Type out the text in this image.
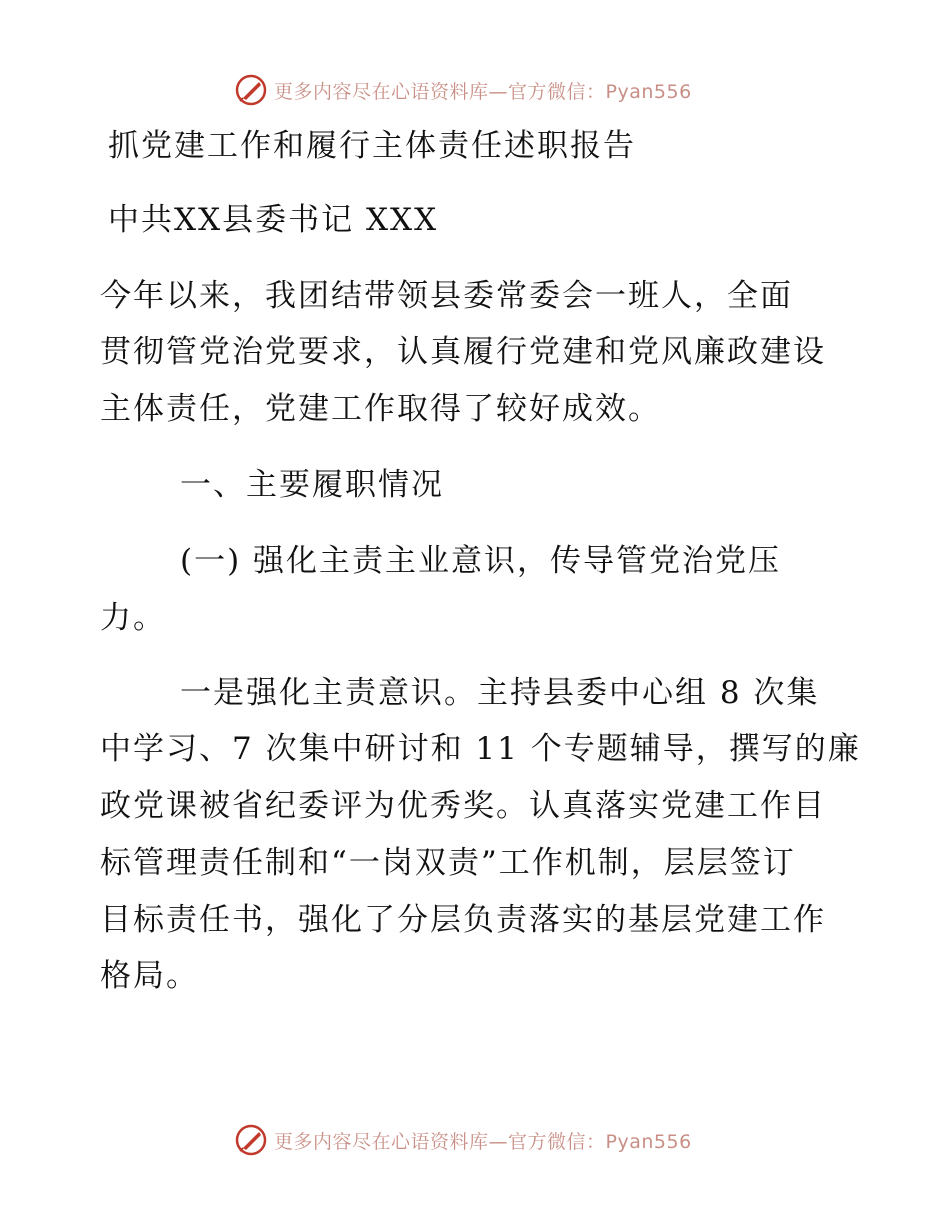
更多内容尽在心语资料库—官方微信：Pyan556

抓党建工作和履行主体责任述职报告

中共XX县委书记 XXX

今年以来，我团结带领县委常委会一班人，全面

贯彻管党治党要求，认真履行党建和党风廉政建设

主体责任，党建工作取得了较好成效。

一、主要履职情况

(一) 强化主责主业意识，传导管党治党压

力。

一是强化主责意识。主持县委中心组 8 次集

中学习、7 次集中研讨和 11 个专题辅导，撰写的廉

政党课被省纪委评为优秀奖。认真落实党建工作目

标管理责任制和“一岗双责”工作机制，层层签订

目标责任书，强化了分层负责落实的基层党建工作

格局。

更多内容尽在心语资料库—官方微信：Pyan556
